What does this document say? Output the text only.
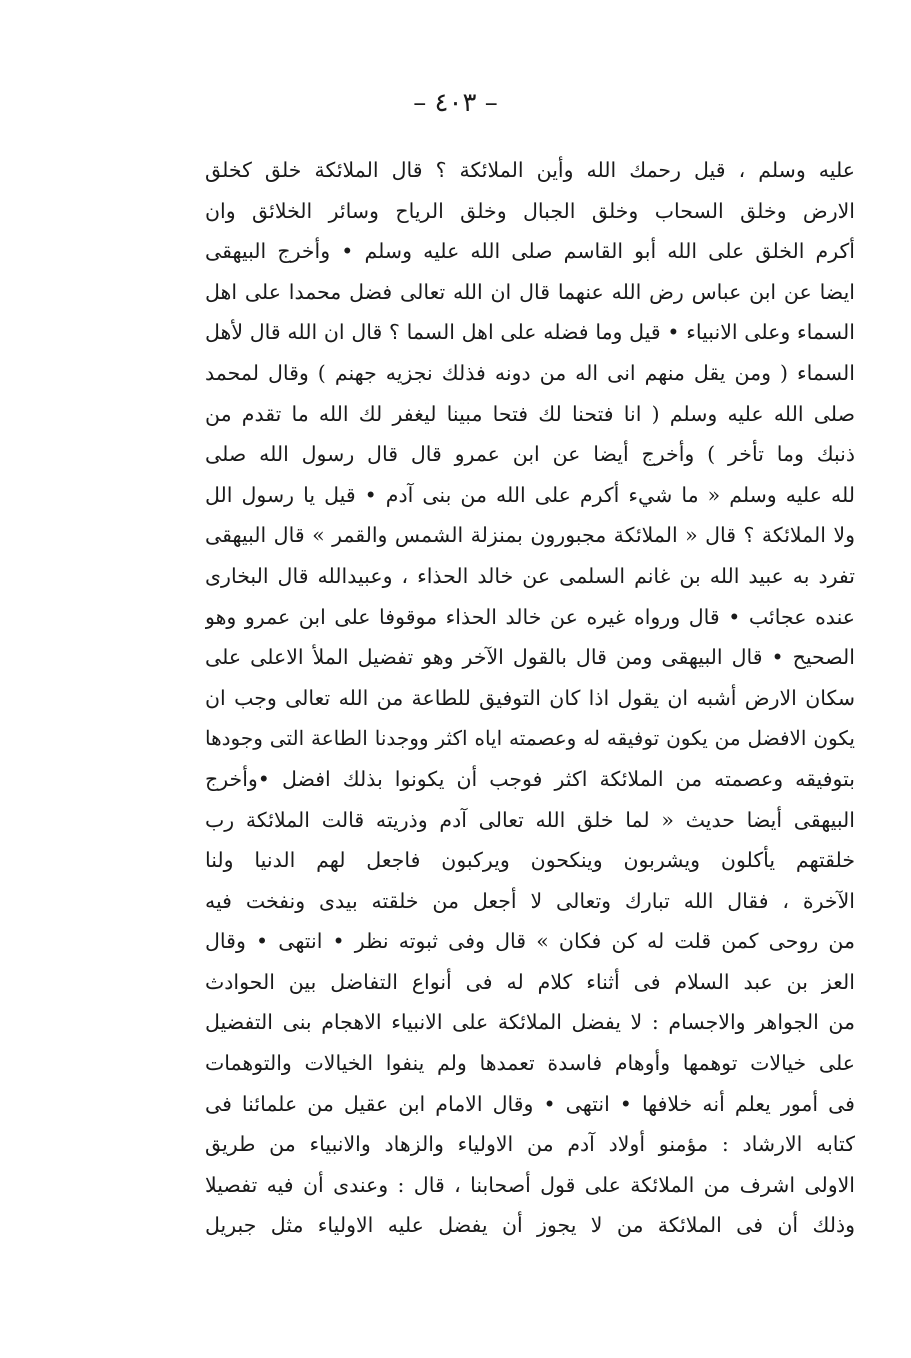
– ٤٠٣ –
عليه وسلم ، قيل رحمك الله وأين الملائكة ؟ قال الملائكة خلق كخلق
الارض وخلق السحاب وخلق الجبال وخلق الرياح وسائر الخلائق وان
أكرم الخلق على الله أبو القاسم صلى الله عليه وسلم • وأخرج البيهقى
ايضا عن ابن عباس رض الله عنهما قال ان الله تعالى فضل محمدا على اهل
السماء وعلى الانبياء • قيل وما فضله على اهل السما ؟ قال ان الله قال لأهل
السماء ( ومن يقل منهم انى اله من دونه فذلك نجزيه جهنم ) وقال لمحمد
صلى الله عليه وسلم ( انا فتحنا لك فتحا مبينا ليغفر لك الله ما تقدم من
ذنبك وما تأخر ) وأخرج أيضا عن ابن عمرو قال قال رسول الله صلى
لله عليه وسلم « ما شيء أكرم على الله من بنى آدم • قيل يا رسول الل
ولا الملائكة ؟ قال « الملائكة مجبورون بمنزلة الشمس والقمر » قال البيهقى
تفرد به عبيد الله بن غانم السلمى عن خالد الحذاء ، وعبيدالله قال البخارى
عنده عجائب • قال ورواه غيره عن خالد الحذاء موقوفا على ابن عمرو وهو
الصحيح • قال البيهقى ومن قال بالقول الآخر وهو تفضيل الملأ الاعلى على
سكان الارض أشبه ان يقول اذا كان التوفيق للطاعة من الله تعالى وجب ان
يكون الافضل من يكون توفيقه له وعصمته اياه اكثر ووجدنا الطاعة التى وجودها
بتوفيقه وعصمته من الملائكة اكثر فوجب أن يكونوا بذلك افضل •وأخرج
البيهقى أيضا حديث « لما خلق الله تعالى آدم وذريته قالت الملائكة رب
خلقتهم يأكلون ويشربون وينكحون ويركبون فاجعل لهم الدنيا ولنا
الآخرة ، فقال الله تبارك وتعالى لا أجعل من خلقته بيدى ونفخت فيه
من روحى كمن قلت له كن فكان » قال وفى ثبوته نظر • انتهى • وقال
العز بن عبد السلام فى أثناء كلام له فى أنواع التفاضل بين الحوادث
من الجواهر والاجسام : لا يفضل الملائكة على الانبياء الاهجام بنى التفضيل
على خيالات توهمها وأوهام فاسدة تعمدها ولم ينفوا الخيالات والتوهمات
فى أمور يعلم أنه خلافها • انتهى • وقال الامام ابن عقيل من علمائنا فى
كتابه الارشاد : مؤمنو أولاد آدم من الاولياء والزهاد والانبياء من طريق
الاولى اشرف من الملائكة على قول أصحابنا ، قال : وعندى أن فيه تفصيلا
وذلك أن فى الملائكة من لا يجوز أن يفضل عليه الاولياء مثل جبريل
